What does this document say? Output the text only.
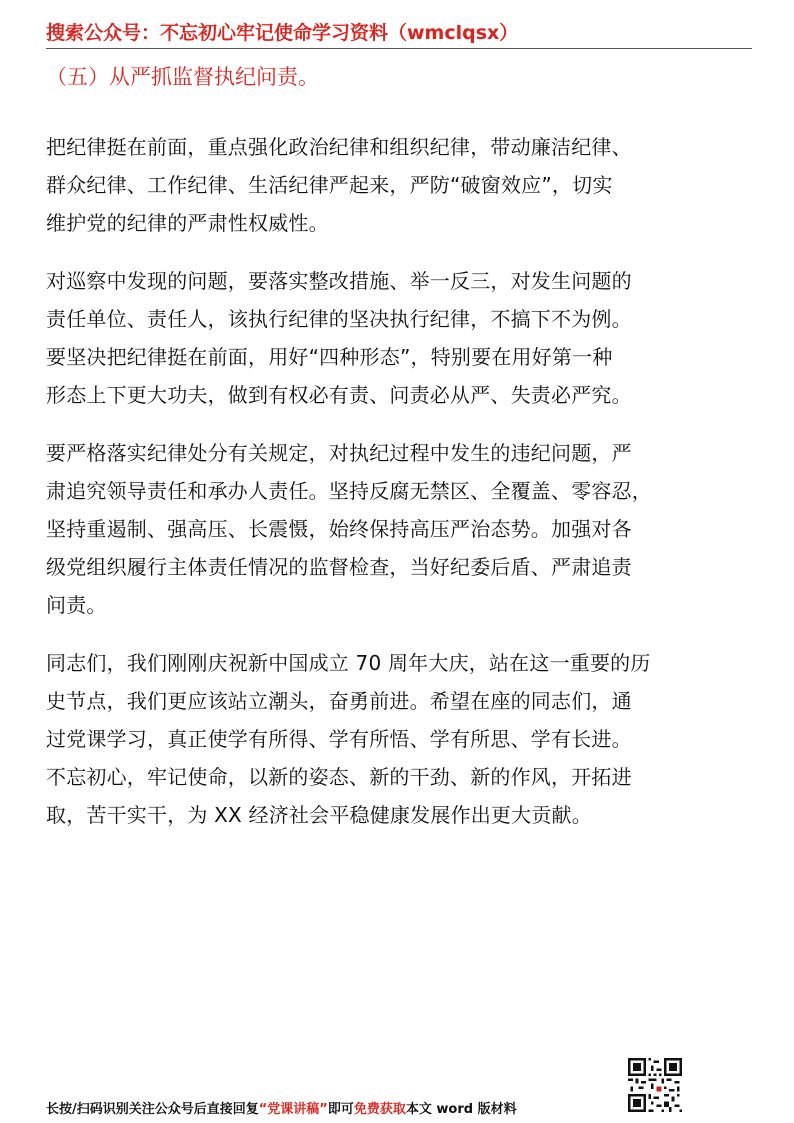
搜索公众号：不忘初心牢记使命学习资料（wmclqsx）
（五）从严抓监督执纪问责。

把纪律挺在前面，重点强化政治纪律和组织纪律，带动廉洁纪律、
群众纪律、工作纪律、生活纪律严起来，严防“破窗效应”，切实
维护党的纪律的严肃性权威性。

对巡察中发现的问题，要落实整改措施、举一反三，对发生问题的
责任单位、责任人，该执行纪律的坚决执行纪律，不搞下不为例。
要坚决把纪律挺在前面，用好“四种形态”，特别要在用好第一种
形态上下更大功夫，做到有权必有责、问责必从严、失责必严究。

要严格落实纪律处分有关规定，对执纪过程中发生的违纪问题，严
肃追究领导责任和承办人责任。坚持反腐无禁区、全覆盖、零容忍，
坚持重遏制、强高压、长震慑，始终保持高压严治态势。加强对各
级党组织履行主体责任情况的监督检查，当好纪委后盾、严肃追责
问责。

同志们，我们刚刚庆祝新中国成立 70 周年大庆，站在这一重要的历
史节点，我们更应该站立潮头，奋勇前进。希望在座的同志们，通
过党课学习，真正使学有所得、学有所悟、学有所思、学有长进。
不忘初心，牢记使命，以新的姿态、新的干劲、新的作风，开拓进
取，苦干实干，为 XX 经济社会平稳健康发展作出更大贡献。

长按/扫码识别关注公众号后直接回复“党课讲稿”即可免费获取本文 word 版材料
